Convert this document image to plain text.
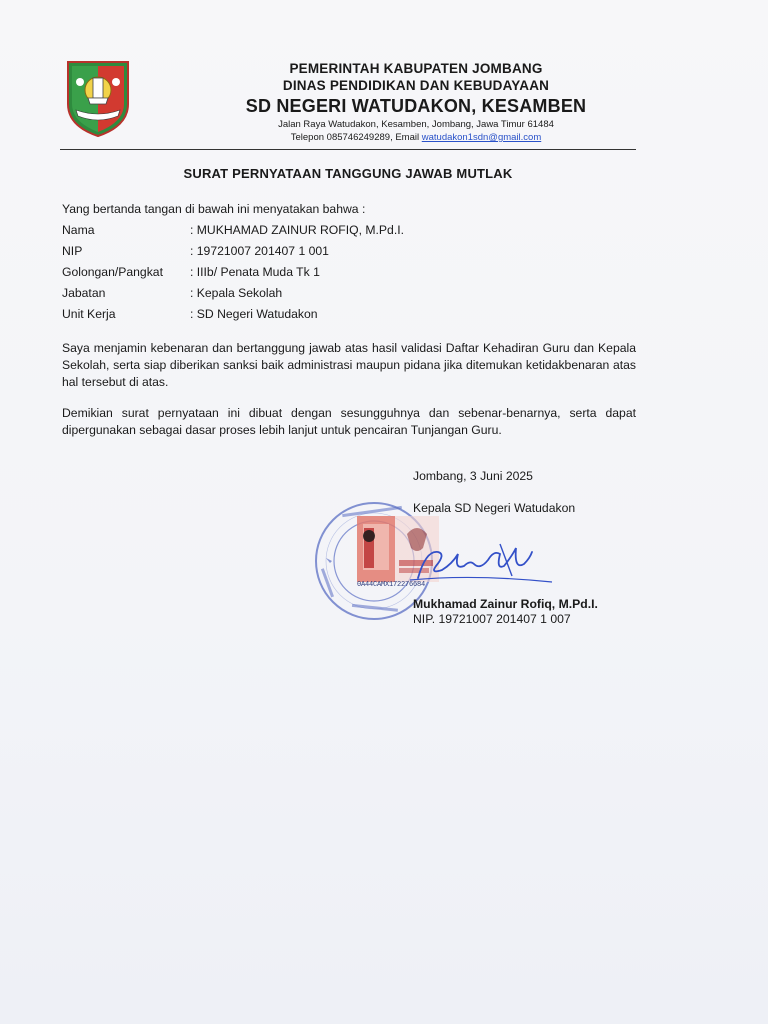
PEMERINTAH KABUPATEN JOMBANG
DINAS PENDIDIKAN DAN KEBUDAYAAN
SD NEGERI WATUDAKON, KESAMBEN
Jalan Raya Watudakon, Kesamben, Jombang, Jawa Timur 61484
Telepon 085746249289, Email watudakon1sdn@gmail.com
SURAT PERNYATAAN TANGGUNG JAWAB MUTLAK
Yang bertanda tangan di bawah ini menyatakan bahwa :
Nama	: MUKHAMAD ZAINUR ROFIQ, M.Pd.I.
NIP	: 19721007 201407 1 001
Golongan/Pangkat	: IIIb/ Penata Muda Tk 1
Jabatan	: Kepala Sekolah
Unit Kerja	: SD Negeri Watudakon
Saya menjamin kebenaran dan bertanggung jawab atas hasil validasi Daftar Kehadiran Guru dan Kepala Sekolah, serta siap diberikan sanksi baik administrasi maupun pidana jika ditemukan ketidakbenaran atas hal tersebut di atas.
Demikian surat pernyataan ini dibuat dengan sesungguhnya dan sebenar-benarnya, serta dapat dipergunakan sebagai dasar proses lebih lanjut untuk pencairan Tunjangan Guru.
Jombang, 3 Juni 2025
Kepala SD Negeri Watudakon
0A44CAMX172276684
Mukhamad Zainur Rofiq, M.Pd.I.
NIP. 19721007 201407 1 007
